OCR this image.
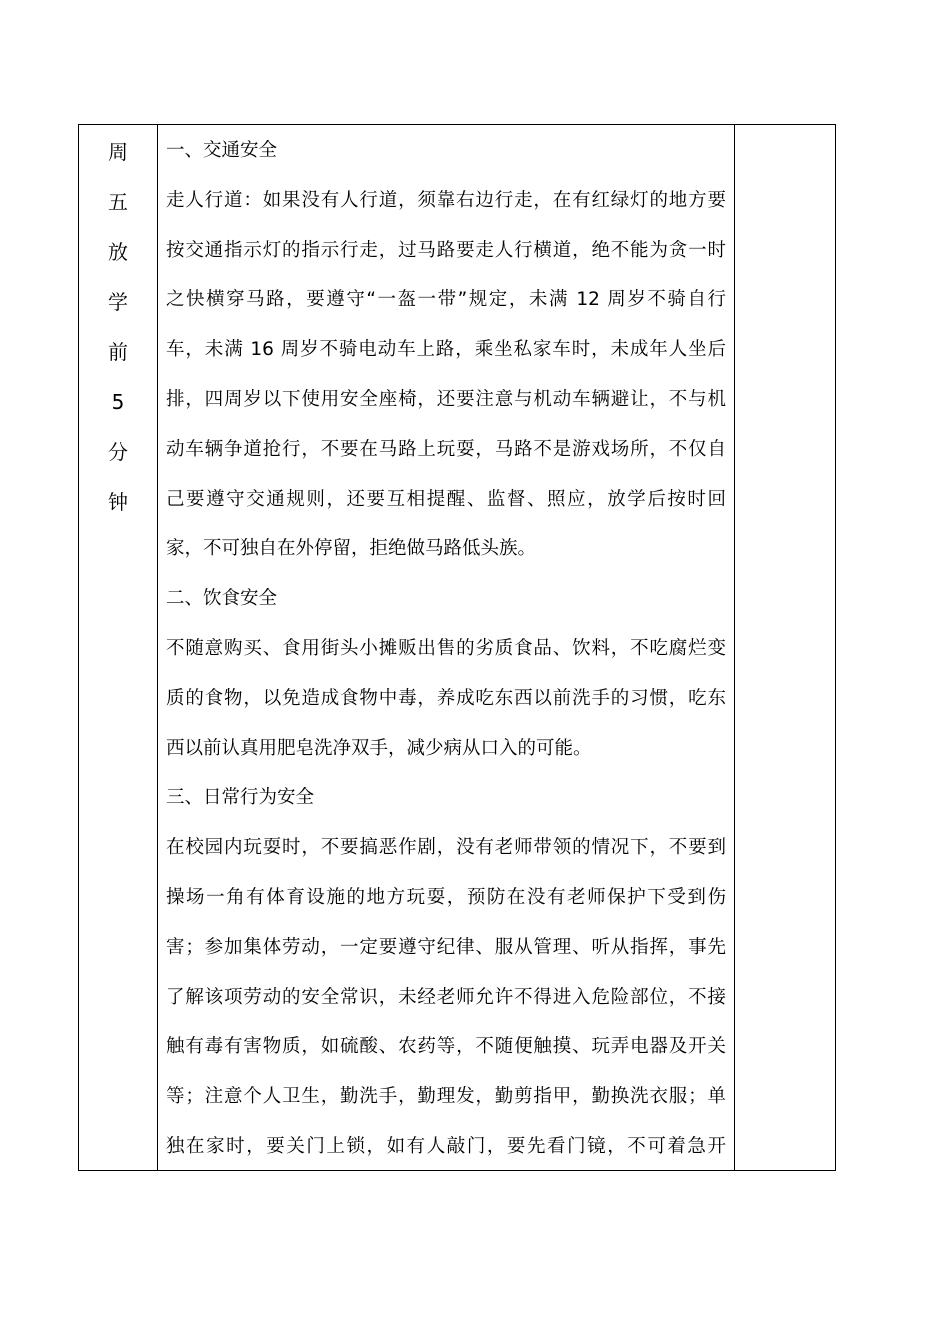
周
五
放
学
前
5
分
钟
一、交通安全
走人行道：如果没有人行道，须靠右边行走，在有红绿灯的地方要
按交通指示灯的指示行走，过马路要走人行横道，绝不能为贪一时
之快横穿马路，要遵守“一盔一带”规定，未满 12 周岁不骑自行
车，未满 16 周岁不骑电动车上路，乘坐私家车时，未成年人坐后
排，四周岁以下使用安全座椅，还要注意与机动车辆避让，不与机
动车辆争道抢行，不要在马路上玩耍，马路不是游戏场所，不仅自
己要遵守交通规则，还要互相提醒、监督、照应，放学后按时回
家，不可独自在外停留，拒绝做马路低头族。
二、饮食安全
不随意购买、食用街头小摊贩出售的劣质食品、饮料，不吃腐烂变
质的食物，以免造成食物中毒，养成吃东西以前洗手的习惯，吃东
西以前认真用肥皂洗净双手，减少病从口入的可能。
三、日常行为安全
在校园内玩耍时，不要搞恶作剧，没有老师带领的情况下，不要到
操场一角有体育设施的地方玩耍，预防在没有老师保护下受到伤
害；参加集体劳动，一定要遵守纪律、服从管理、听从指挥，事先
了解该项劳动的安全常识，未经老师允许不得进入危险部位，不接
触有毒有害物质，如硫酸、农药等，不随便触摸、玩弄电器及开关
等；注意个人卫生，勤洗手，勤理发，勤剪指甲，勤换洗衣服；单
独在家时，要关门上锁，如有人敲门，要先看门镜，不可着急开
